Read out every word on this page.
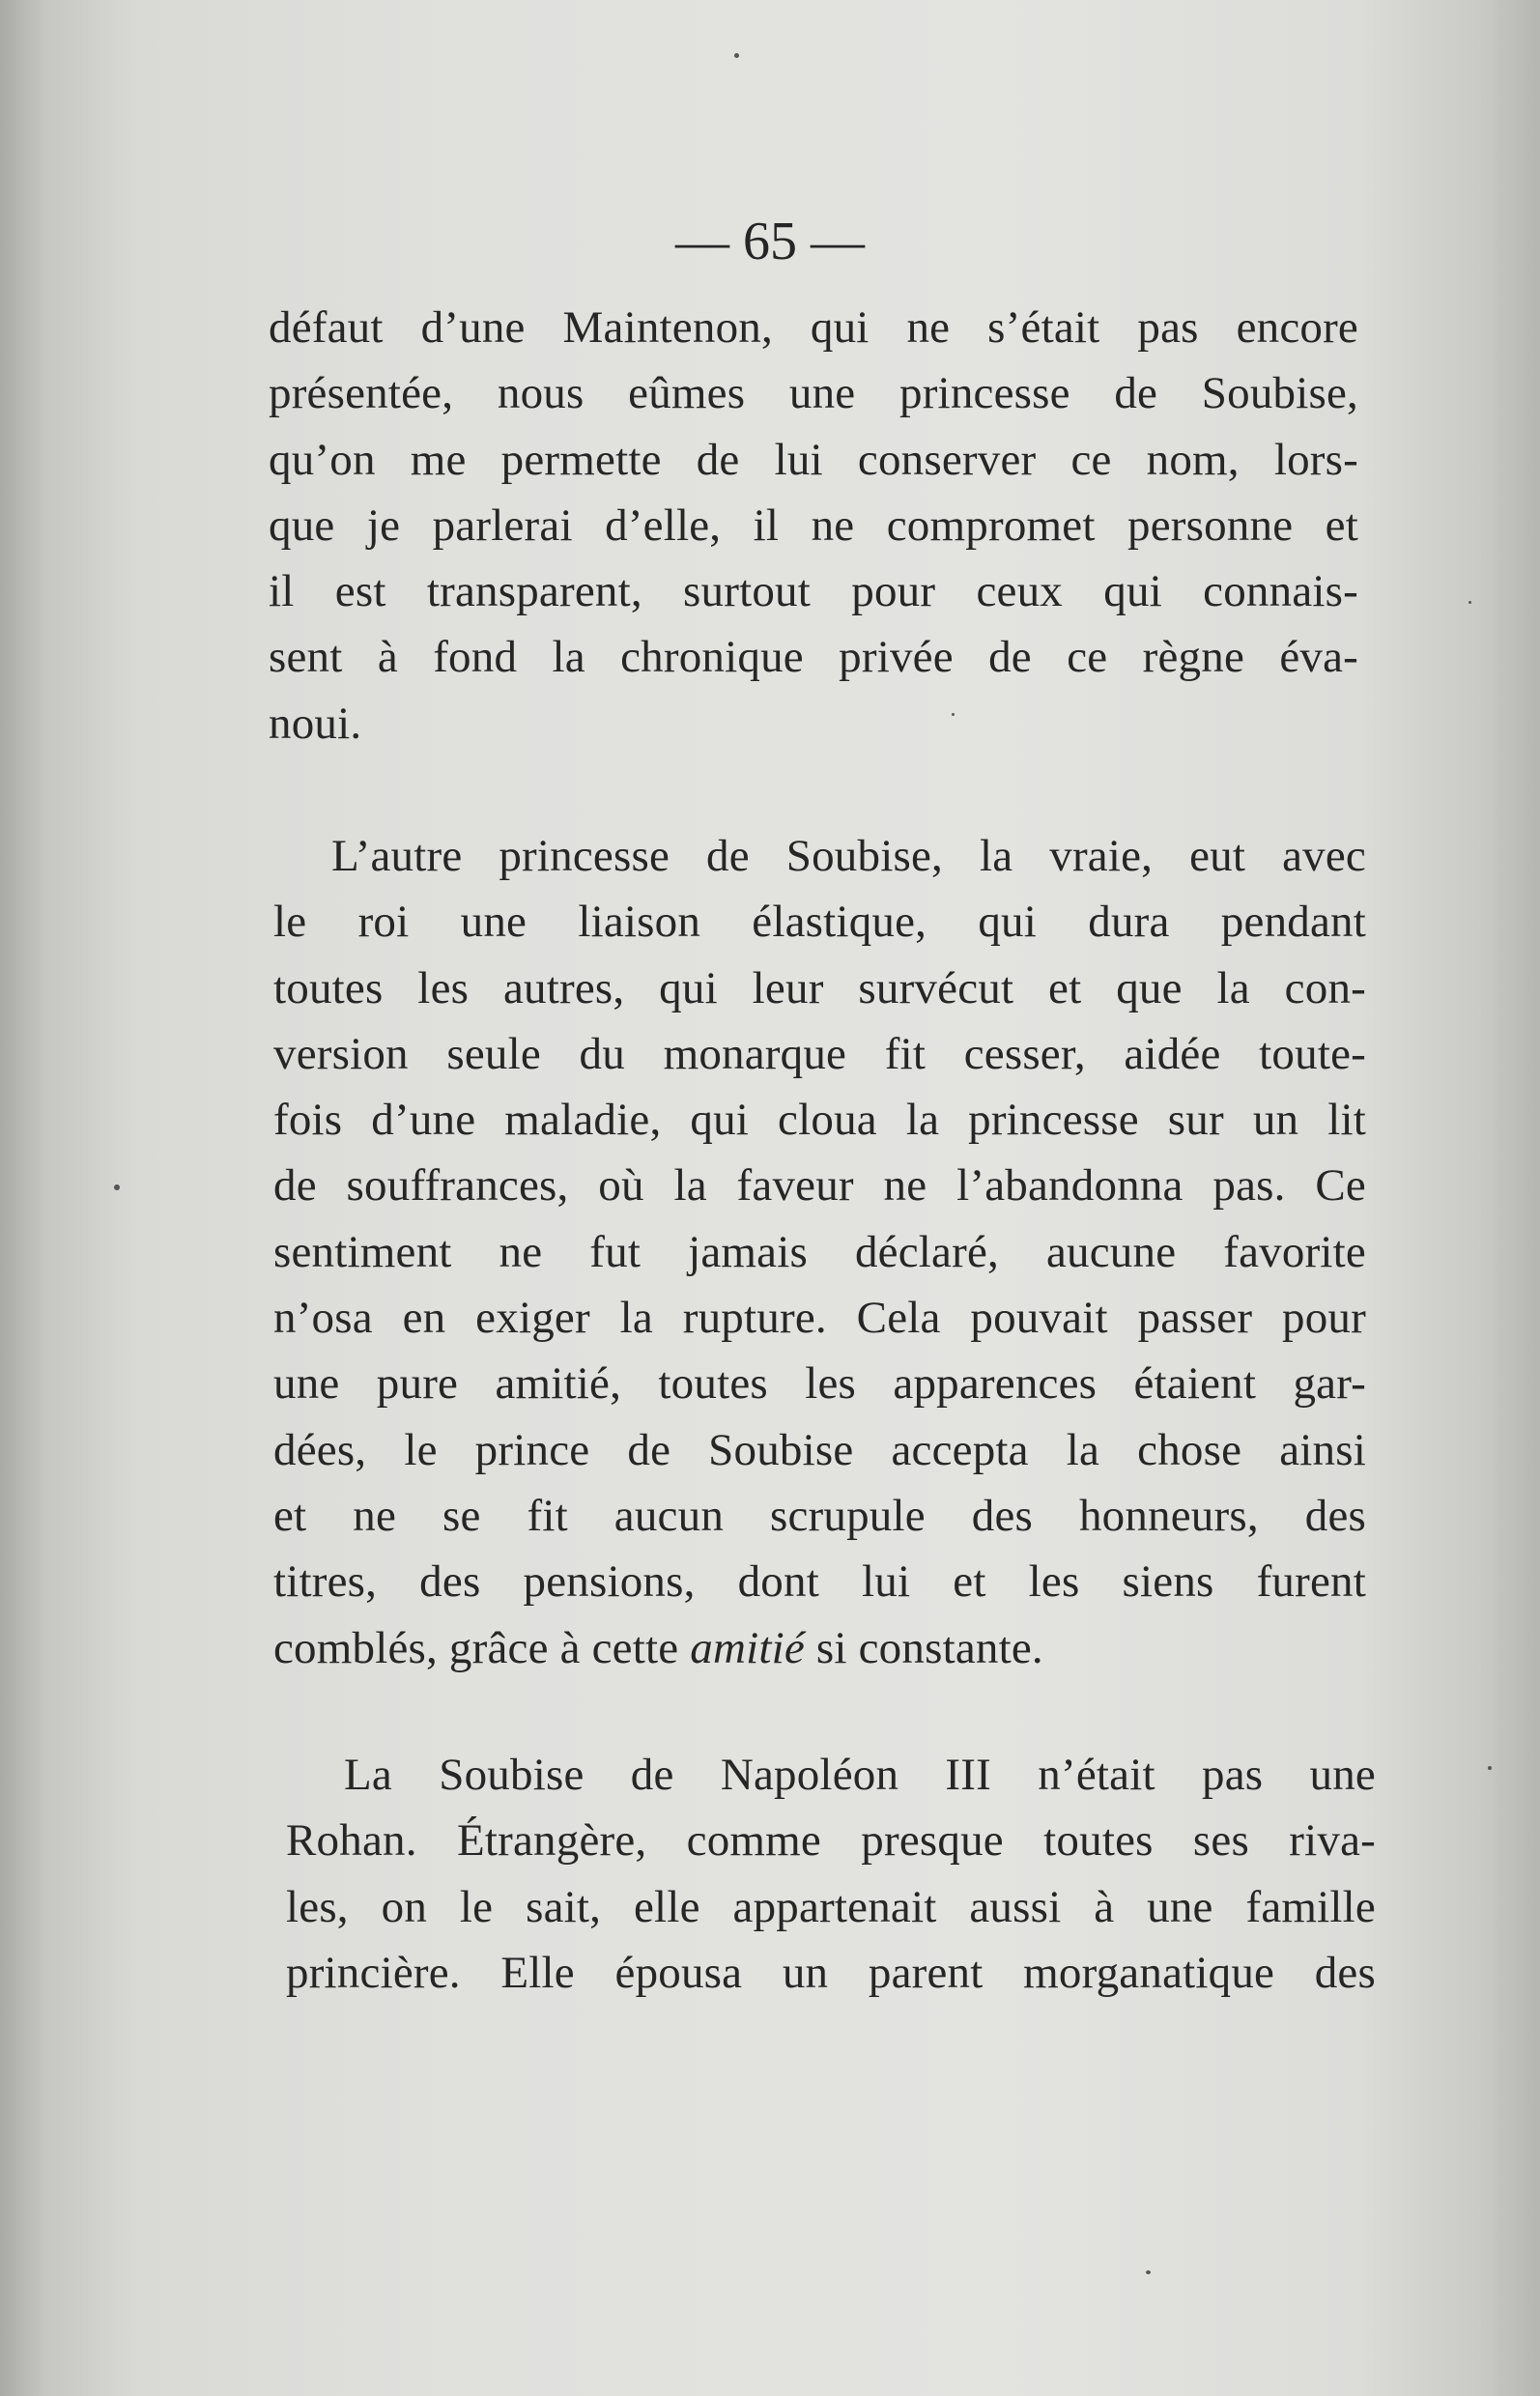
— 65 —
défaut d’une Maintenon, qui ne s’était pas encore
présentée, nous eûmes une princesse de Soubise,
qu’on me permette de lui conserver ce nom, lors-
que je parlerai d’elle, il ne compromet personne et
il est transparent, surtout pour ceux qui connais-
sent à fond la chronique privée de ce règne éva-
noui.
L’autre princesse de Soubise, la vraie, eut avec
le roi une liaison élastique, qui dura pendant
toutes les autres, qui leur survécut et que la con-
version seule du monarque fit cesser, aidée toute-
fois d’une maladie, qui cloua la princesse sur un lit
de souffrances, où la faveur ne l’abandonna pas. Ce
sentiment ne fut jamais déclaré, aucune favorite
n’osa en exiger la rupture. Cela pouvait passer pour
une pure amitié, toutes les apparences étaient gar-
dées, le prince de Soubise accepta la chose ainsi
et ne se fit aucun scrupule des honneurs, des
titres, des pensions, dont lui et les siens furent
comblés, grâce à cette amitié si constante.
La Soubise de Napoléon III n’était pas une
Rohan. Étrangère, comme presque toutes ses riva-
les, on le sait, elle appartenait aussi à une famille
princière. Elle épousa un parent morganatique des
